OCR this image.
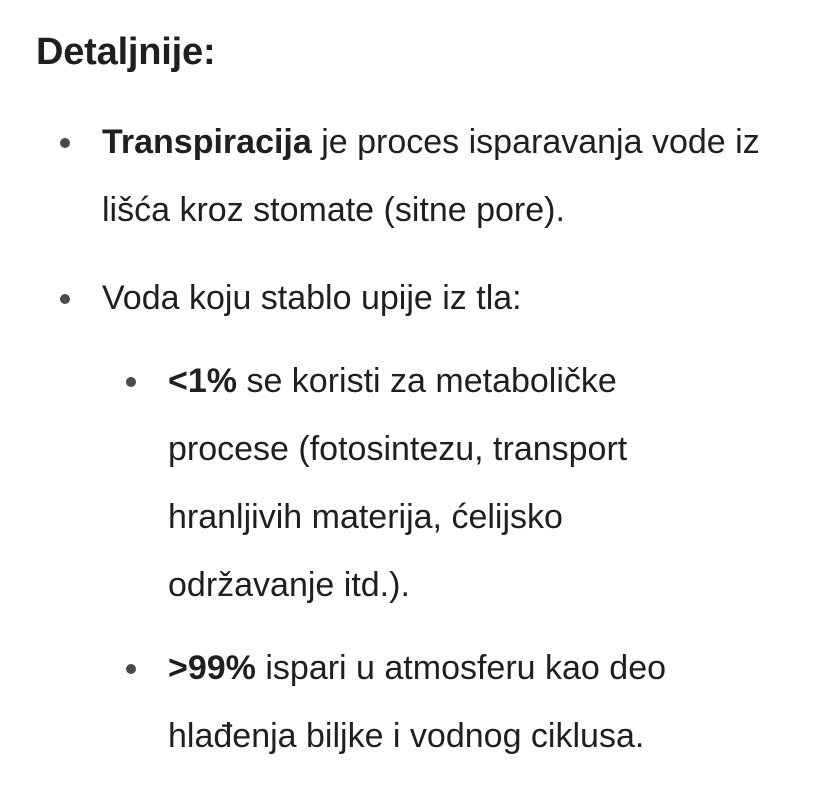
Detaljnije:
Transpiracija je proces isparavanja vode iz lišća kroz stomate (sitne pore).
Voda koju stablo upije iz tla:
<1% se koristi za metaboličke procese (fotosintezu, transport hranljivih materija, ćelijsko održavanje itd.).
>99% ispari u atmosferu kao deo hlađenja biljke i vodnog ciklusa.
